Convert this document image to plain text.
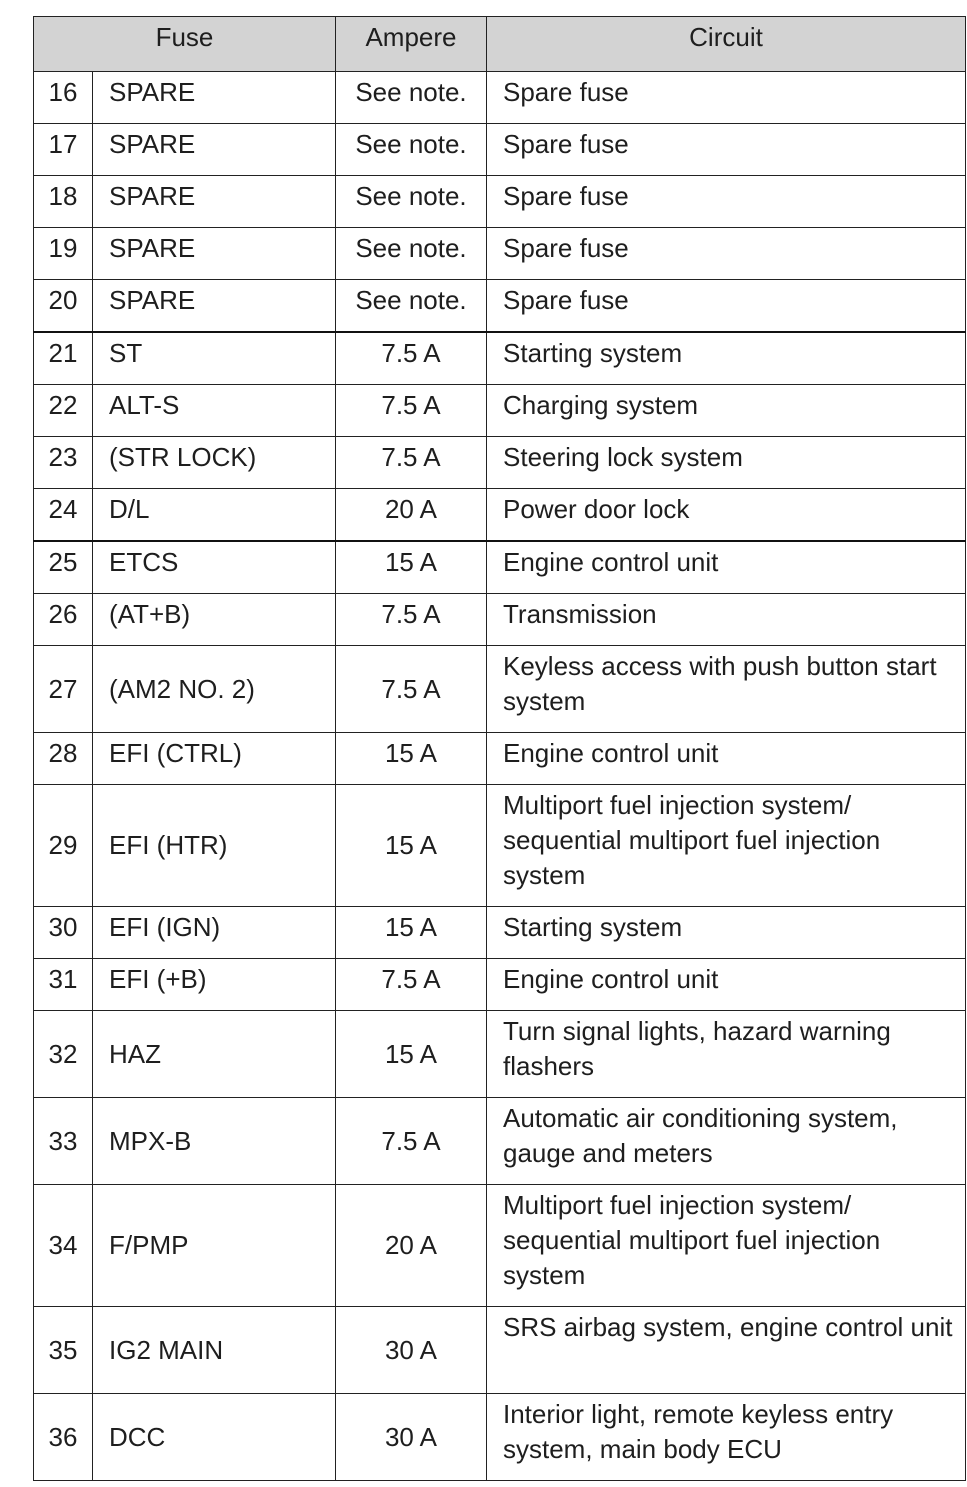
Fuse		Ampere	Circuit
16	SPARE	See note.	Spare fuse
17	SPARE	See note.	Spare fuse
18	SPARE	See note.	Spare fuse
19	SPARE	See note.	Spare fuse
20	SPARE	See note.	Spare fuse
21	ST	7.5 A	Starting system
22	ALT-S	7.5 A	Charging system
23	(STR LOCK)	7.5 A	Steering lock system
24	D/L	20 A	Power door lock
25	ETCS	15 A	Engine control unit
26	(AT+B)	7.5 A	Transmission
27	(AM2 NO. 2)	7.5 A	Keyless access with push button start system
28	EFI (CTRL)	15 A	Engine control unit
29	EFI (HTR)	15 A	Multiport fuel injection system/ sequential multiport fuel injection system
30	EFI (IGN)	15 A	Starting system
31	EFI (+B)	7.5 A	Engine control unit
32	HAZ	15 A	Turn signal lights, hazard warning flashers
33	MPX-B	7.5 A	Automatic air conditioning system, gauge and meters
34	F/PMP	20 A	Multiport fuel injection system/ sequential multiport fuel injection system
35	IG2 MAIN	30 A	SRS airbag system, engine control unit
36	DCC	30 A	Interior light, remote keyless entry system, main body ECU
